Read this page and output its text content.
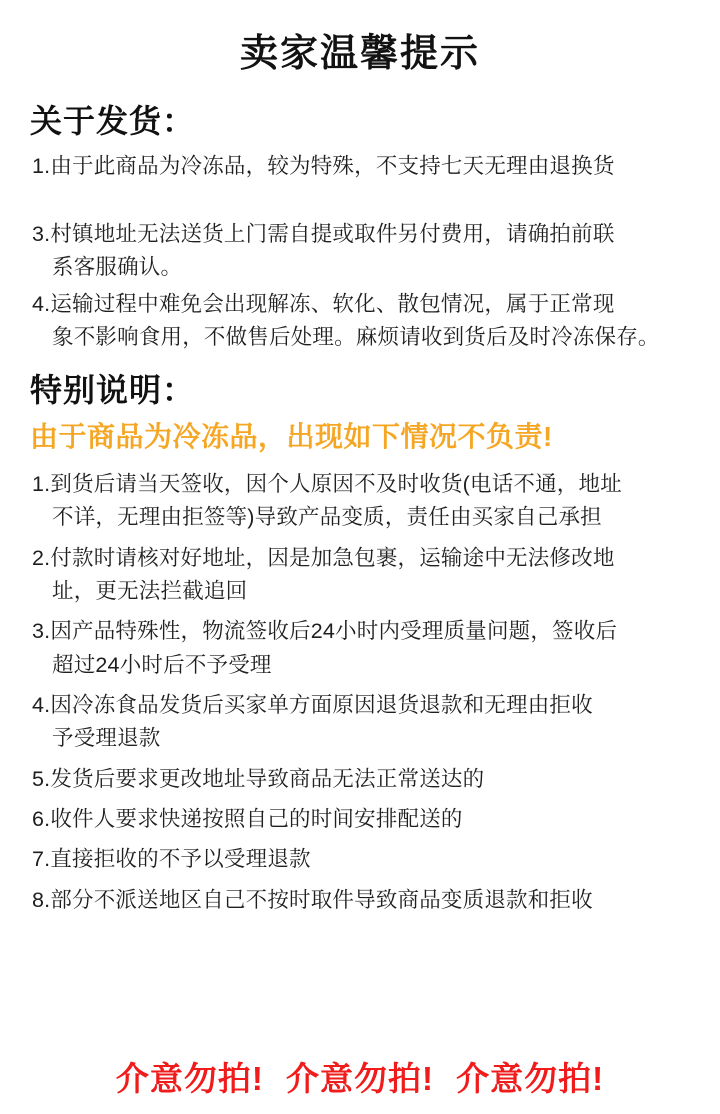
卖家温馨提示
关于发货：
1.由于此商品为冷冻品，较为特殊，不支持七天无理由退换货
3.村镇地址无法送货上门需自提或取件另付费用，请确拍前联
系客服确认。
4.运输过程中难免会出现解冻、软化、散包情况，属于正常现
象不影响食用，不做售后处理。麻烦请收到货后及时冷冻保存。
特别说明：
由于商品为冷冻品，出现如下情况不负责!
1.到货后请当天签收，因个人原因不及时收货(电话不通，地址
不详，无理由拒签等)导致产品变质，责任由买家自己承担
2.付款时请核对好地址，因是加急包裹，运输途中无法修改地
址，更无法拦截追回
3.因产品特殊性，物流签收后24小时内受理质量问题，签收后
超过24小时后不予受理
4.因冷冻食品发货后买家单方面原因退货退款和无理由拒收
予受理退款
5.发货后要求更改地址导致商品无法正常送达的
6.收件人要求快递按照自己的时间安排配送的
7.直接拒收的不予以受理退款
8.部分不派送地区自己不按时取件导致商品变质退款和拒收
介意勿拍! 介意勿拍! 介意勿拍!
